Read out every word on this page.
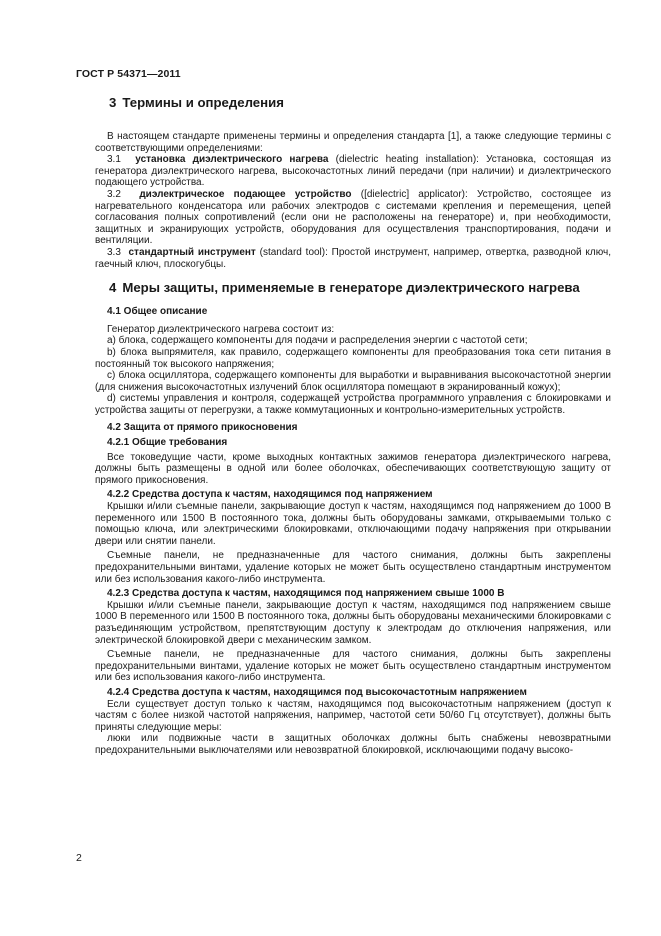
ГОСТ Р 54371—2011
3 Термины и определения

В настоящем стандарте применены термины и определения стандарта [1], а также следующие термины с соответствующими определениями:

3.1 установка диэлектрического нагрева (dielectric heating installation): Установка, состоящая из генератора диэлектрического нагрева, высокочастотных линий передачи (при наличии) и диэлектрического подающего устройства.

3.2 диэлектрическое подающее устройство ([dielectric] applicator): Устройство, состоящее из нагревательного конденсатора или рабочих электродов с системами крепления и перемещения, цепей согласования полных сопротивлений (если они не расположены на генераторе) и, при необходимости, защитных и экранирующих устройств, оборудования для осуществления транспортирования, подачи и вентиляции.

3.3 стандартный инструмент (standard tool): Простой инструмент, например, отвертка, разводной ключ, гаечный ключ, плоскогубцы.

4 Меры защиты, применяемые в генераторе диэлектрического нагрева

4.1 Общее описание

Генератор диэлектрического нагрева состоит из:

a) блока, содержащего компоненты для подачи и распределения энергии с частотой сети;

b) блока выпрямителя, как правило, содержащего компоненты для преобразования тока сети питания в постоянный ток высокого напряжения;

c) блока осциллятора, содержащего компоненты для выработки и выравнивания высокочастотной энергии (для снижения высокочастотных излучений блок осциллятора помещают в экранированный кожух);

d) системы управления и контроля, содержащей устройства программного управления с блокировками и устройства защиты от перегрузки, а также коммутационных и контрольно-измерительных устройств.

4.2 Защита от прямого прикосновения

4.2.1 Общие требования

Все токоведущие части, кроме выходных контактных зажимов генератора диэлектрического нагрева, должны быть размещены в одной или более оболочках, обеспечивающих соответствующую защиту от прямого прикосновения.

4.2.2 Средства доступа к частям, находящимся под напряжением

Крышки и/или съемные панели, закрывающие доступ к частям, находящимся под напряжением до 1000 В переменного или 1500 В постоянного тока, должны быть оборудованы замками, открываемыми только с помощью ключа, или электрическими блокировками, отключающими подачу напряжения при открывании двери или снятии панели.

Съемные панели, не предназначенные для частого снимания, должны быть закреплены предохранительными винтами, удаление которых не может быть осуществлено стандартным инструментом или без использования какого-либо инструмента.

4.2.3 Средства доступа к частям, находящимся под напряжением свыше 1000 В

Крышки и/или съемные панели, закрывающие доступ к частям, находящимся под напряжением свыше 1000 В переменного или 1500 В постоянного тока, должны быть оборудованы механическими блокировками с разъединяющим устройством, препятствующим доступу к электродам до отключения напряжения, или электрической блокировкой двери с механическим замком.

Съемные панели, не предназначенные для частого снимания, должны быть закреплены предохранительными винтами, удаление которых не может быть осуществлено стандартным инструментом или без использования какого-либо инструмента.

4.2.4 Средства доступа к частям, находящимся под высокочастотным напряжением

Если существует доступ только к частям, находящимся под высокочастотным напряжением (доступ к частям с более низкой частотой напряжения, например, частотой сети 50/60 Гц отсутствует), должны быть приняты следующие меры:

люки или подвижные части в защитных оболочках должны быть снабжены невозвратными предохранительными выключателями или невозвратной блокировкой, исключающими подачу высоко-

2
